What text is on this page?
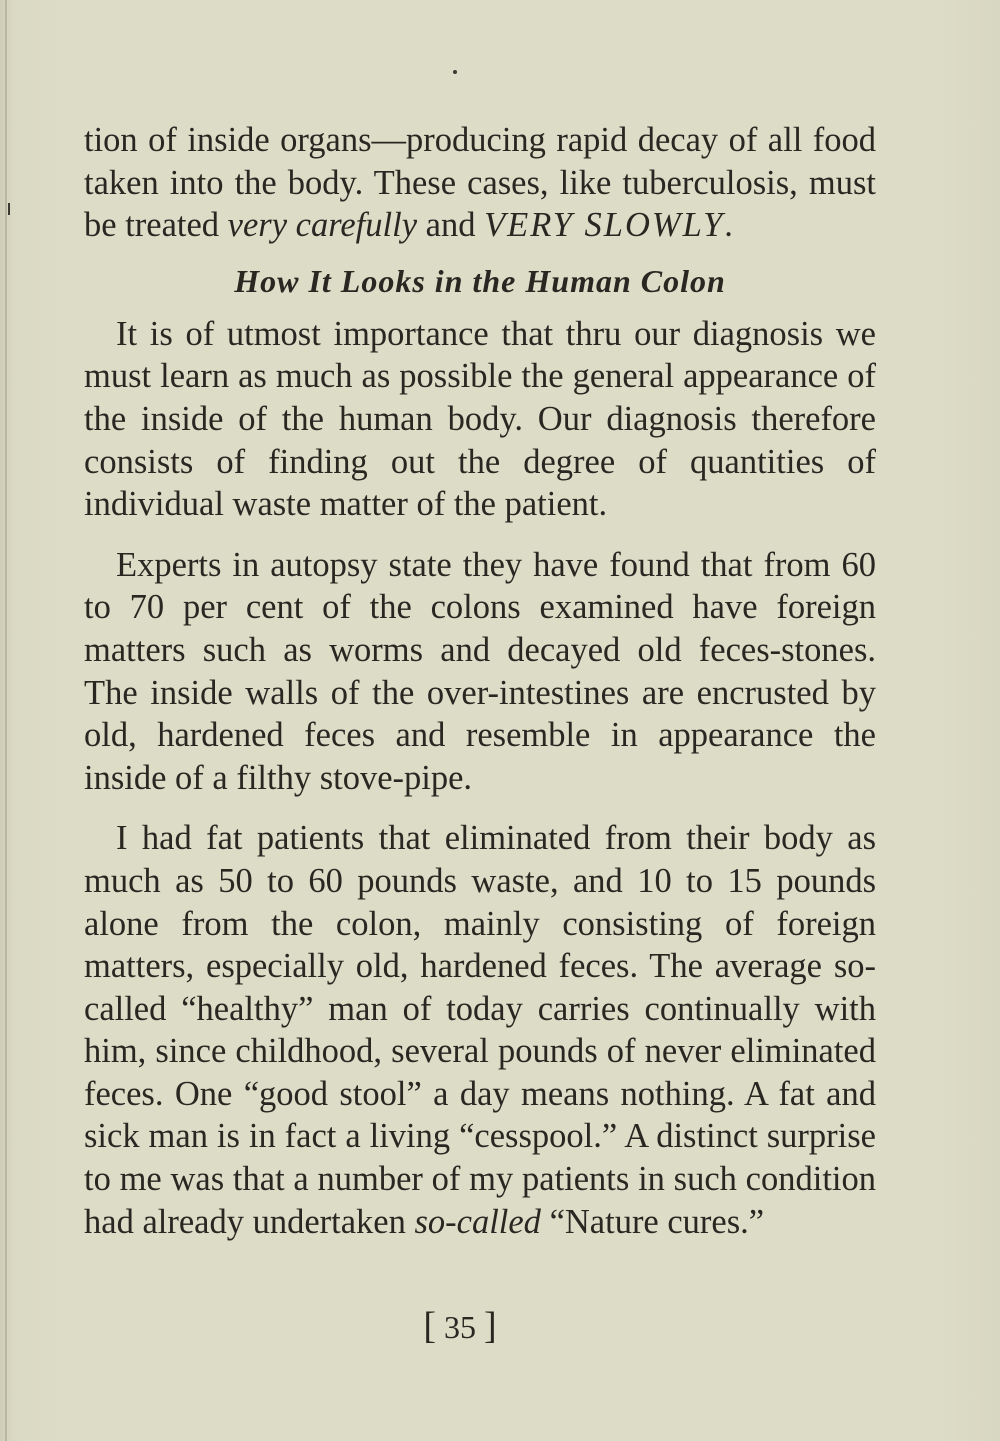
tion of inside organs—producing rapid decay of all food taken into the body. These cases, like tuberculosis, must be treated very carefully and VERY SLOWLY.

How It Looks in the Human Colon

It is of utmost importance that thru our diagnosis we must learn as much as possible the general appearance of the inside of the human body. Our diagnosis therefore consists of finding out the degree of quantities of individual waste matter of the patient.

Experts in autopsy state they have found that from 60 to 70 per cent of the colons examined have foreign matters such as worms and decayed old feces-stones. The inside walls of the over-intestines are encrusted by old, hardened feces and resemble in appearance the inside of a filthy stove-pipe.

I had fat patients that eliminated from their body as much as 50 to 60 pounds waste, and 10 to 15 pounds alone from the colon, mainly consisting of foreign matters, especially old, hardened feces. The average so-called “healthy” man of today carries continually with him, since childhood, several pounds of never eliminated feces. One “good stool” a day means nothing. A fat and sick man is in fact a living “cesspool.” A distinct surprise to me was that a number of my patients in such condition had already undertaken so-called “Nature cures.”

[ 35 ]
